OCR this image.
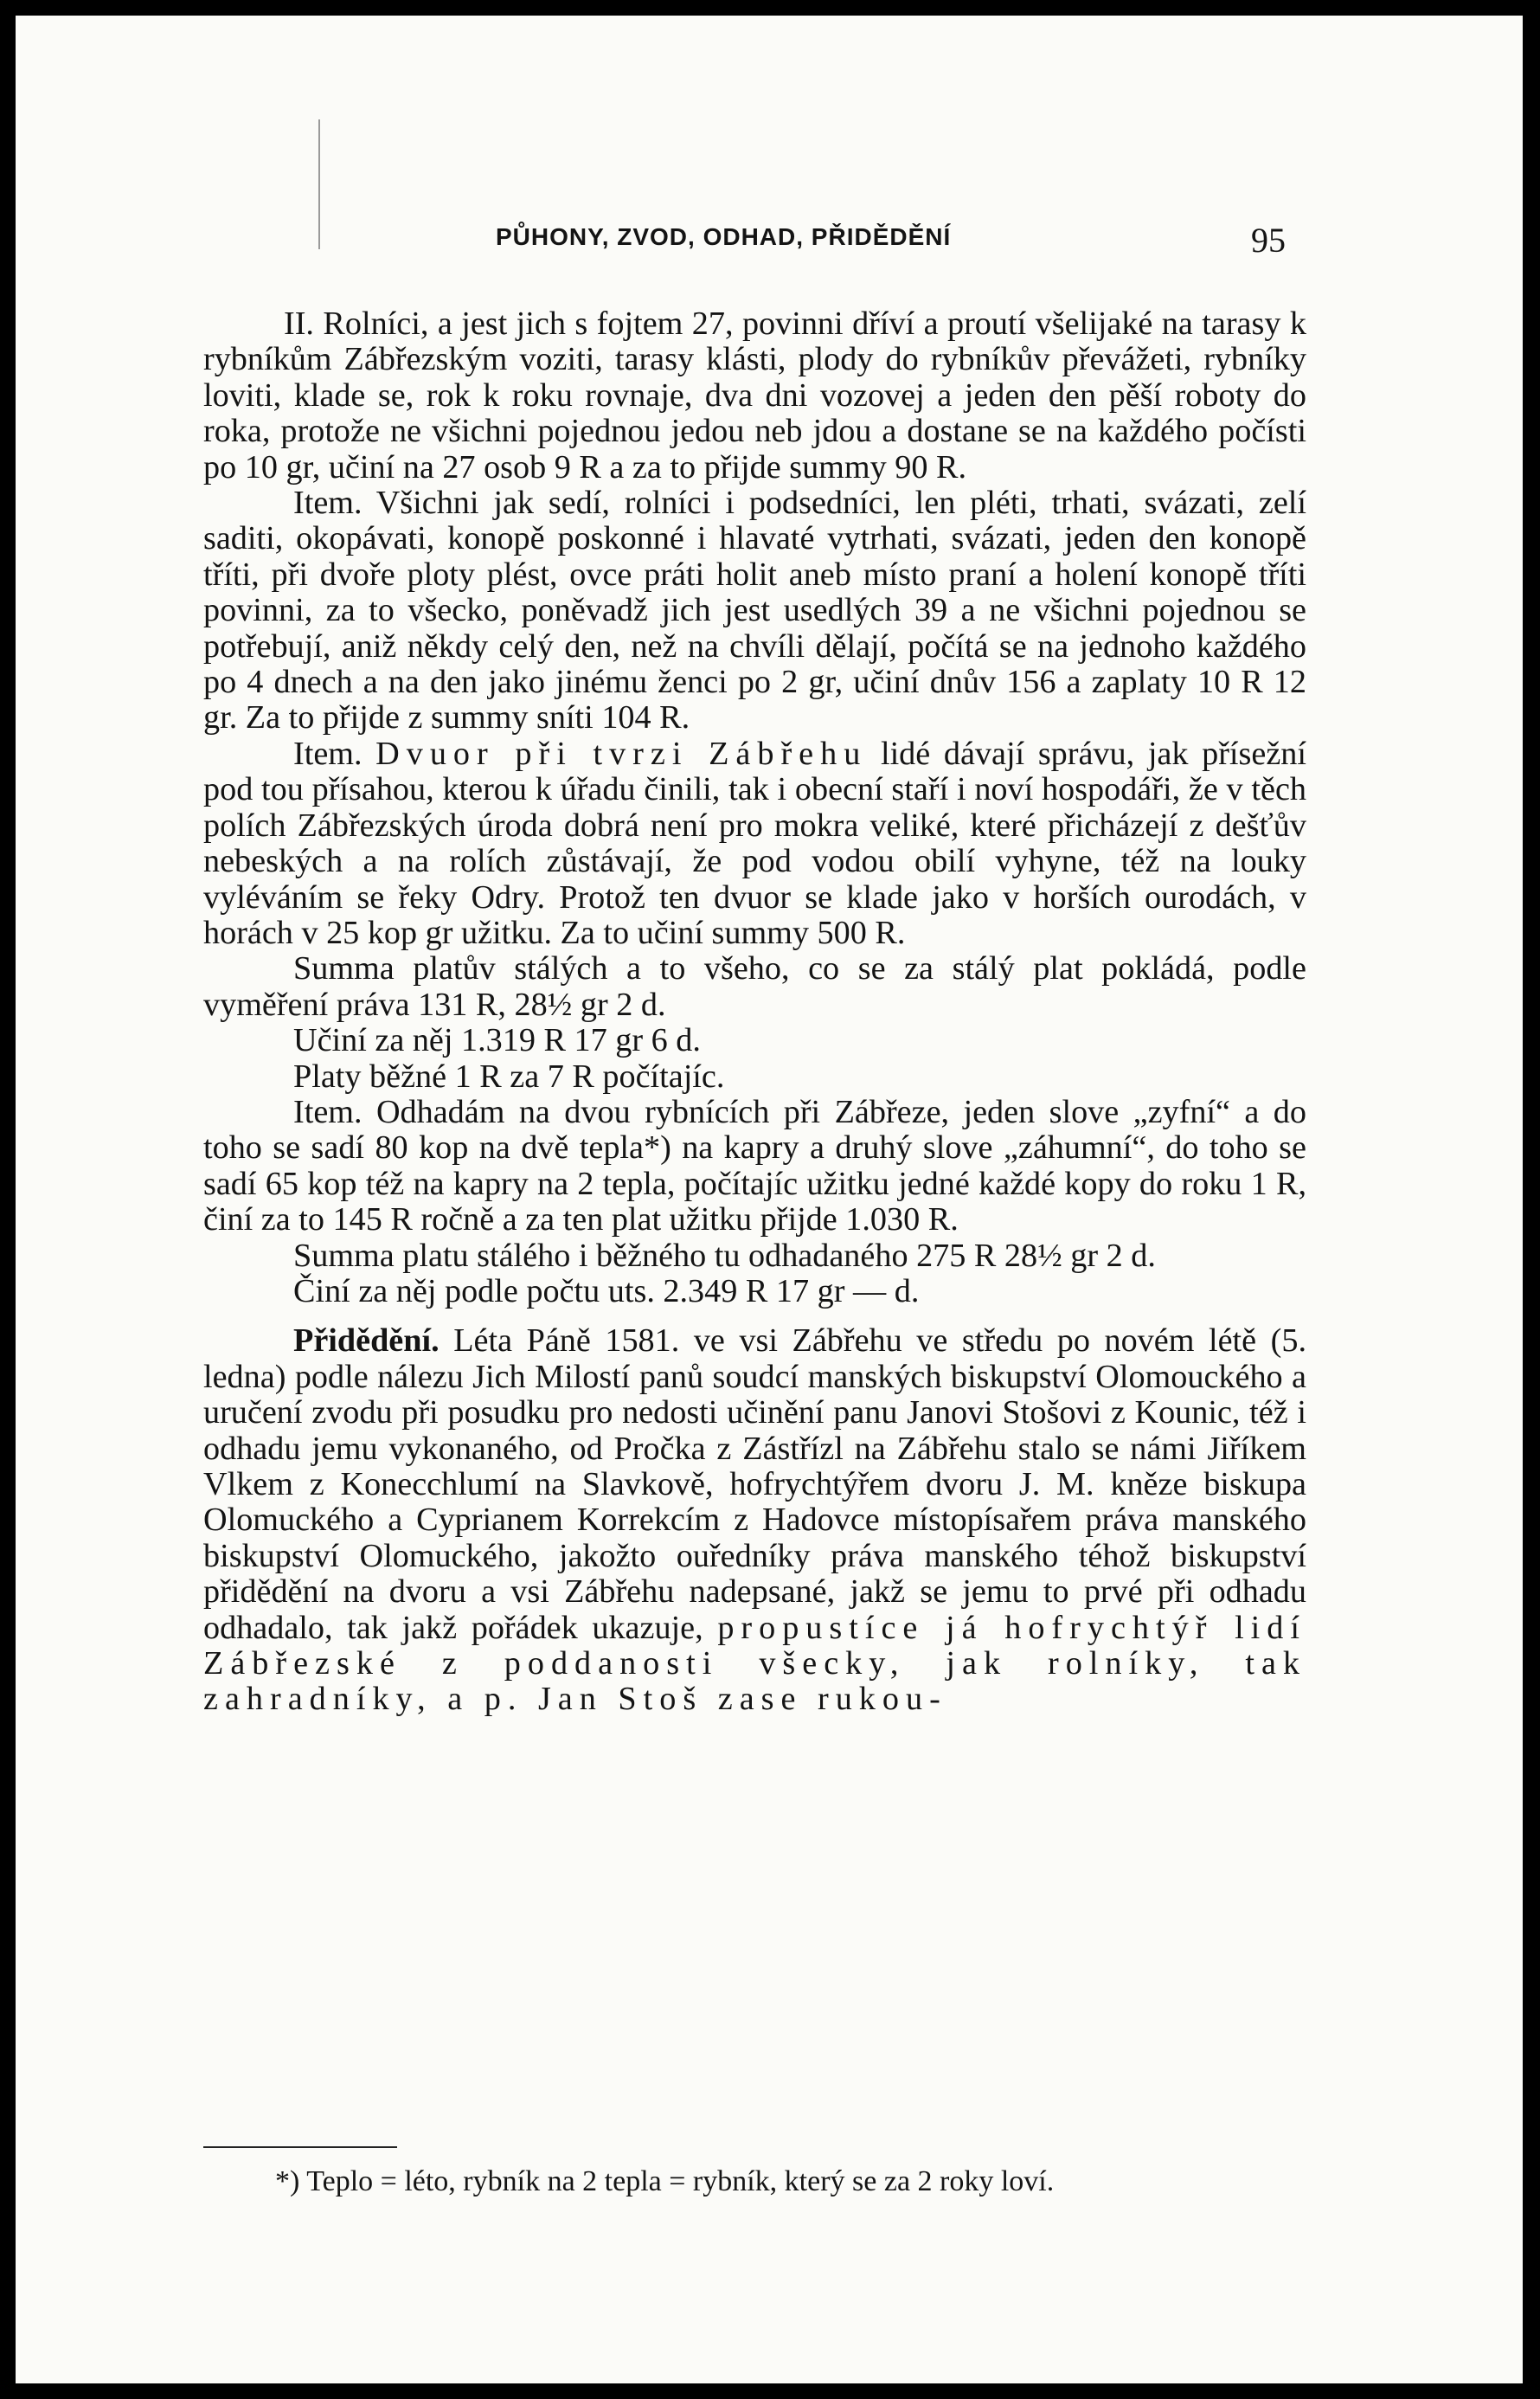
PŮHONY, ZVOD, ODHAD, PŘIDĚDĚNÍ	95

II. Rolníci, a jest jich s fojtem 27, povinni dříví a proutí všelijaké na tarasy k rybníkům Zábřezským voziti, tarasy klásti, plody do rybníkův převážeti, rybníky loviti, klade se, rok k roku rovnaje, dva dni vozovej a jeden den pěší roboty do roka, protože ne všichni pojednou jedou neb jdou a dostane se na každého počísti po 10 gr, učiní na 27 osob 9 R a za to přijde summy 90 R.

Item. Všichni jak sedí, rolníci i podsedníci, len pléti, trhati, svázati, zelí saditi, okopávati, konopě poskonné i hlavaté vytrhati, svázati, jeden den konopě tříti, při dvoře ploty plést, ovce práti holit aneb místo praní a holení konopě tříti povinni, za to všecko, poněvadž jich jest usedlých 39 a ne všichni pojednou se potřebují, aniž někdy celý den, než na chvíli dělají, počítá se na jednoho každého po 4 dnech a na den jako jinému ženci po 2 gr, učiní dnův 156 a zaplaty 10 R 12 gr. Za to přijde z summy sníti 104 R.

Item. Dvuor při tvrzi Zábřehu lidé dávají správu, jak přísežní pod tou přísahou, kterou k úřadu činili, tak i obecní staří i noví hospodáři, že v těch polích Zábřezských úroda dobrá není pro mokra veliké, které přicházejí z dešťův nebeských a na rolích zůstávají, že pod vodou obilí vyhyne, též na louky vyléváním se řeky Odry. Protož ten dvuor se klade jako v horších ourodách, v horách v 25 kop gr užitku. Za to učiní summy 500 R.

Summa platův stálých a to všeho, co se za stálý plat pokládá, podle vyměření práva 131 R, 28½ gr 2 d.

Učiní za něj 1.319 R 17 gr 6 d.

Platy běžné 1 R za 7 R počítajíc.

Item. Odhadám na dvou rybnících při Zábřeze, jeden slove „zyfní“ a do toho se sadí 80 kop na dvě tepla*) na kapry a druhý slove „záhumní“, do toho se sadí 65 kop též na kapry na 2 tepla, počítajíc užitku jedné každé kopy do roku 1 R, činí za to 145 R ročně a za ten plat užitku přijde 1.030 R.

Summa platu stálého i běžného tu odhadaného 275 R 28½ gr 2 d.

Činí za něj podle počtu uts. 2.349 R 17 gr — d.

Přidědění. Léta Páně 1581. ve vsi Zábřehu ve středu po novém létě (5. ledna) podle nálezu Jich Milostí panů soudcí manských biskupství Olomouckého a uručení zvodu při posudku pro nedosti učinění panu Janovi Stošovi z Kounic, též i odhadu jemu vykonaného, od Pročka z Zástřízl na Zábřehu stalo se námi Jiříkem Vlkem z Konecchlumí na Slavkově, hofrychtýřem dvoru J. M. kněze biskupa Olomuckého a Cyprianem Korrekcím z Hadovce místopísařem práva manského biskupství Olomuckého, jakožto ouředníky práva manského téhož biskupství přidědění na dvoru a vsi Zábřehu nadepsané, jakž se jemu to prvé při odhadu odhadalo, tak jakž pořádek ukazuje, propustíce já hofrychtýř lidí Zábřezské z poddanosti všecky, jak rolníky, tak zahradníky, a p. Jan Stoš zase rukou-

*) Teplo = léto, rybník na 2 tepla = rybník, který se za 2 roky loví.
